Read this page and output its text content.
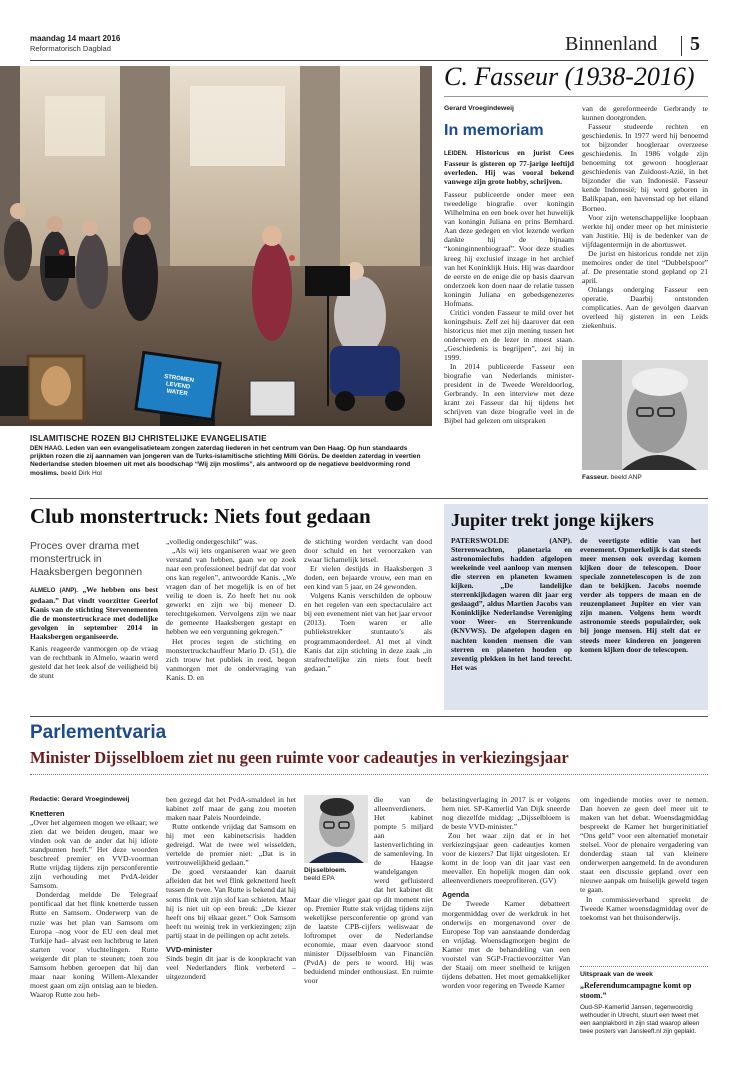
maandag 14 maart 2016
Reformatorisch Dagblad	Binnenland 5
STROMEN
LEVEND
WATER
ISLAMITISCHE ROZEN BIJ CHRISTELIJKE EVANGELISATIE
DEN HAAG. Leden van een evangelisatieteam zongen zaterdag liederen in het centrum van Den Haag. Op hun standaards prijkten rozen die zij aannamen van jongeren van de Turks-islamitische stichting Milli Görüs. De deelden zaterdag in veertien Nederlandse steden bloemen uit met als boodschap “Wij zijn moslims”, als antwoord op de negatieve beeldvorming rond moslims. beeld Dirk Hol
C. Fasseur (1938-2016)
Gerard Vroegindeweij
In memoriam

LEIDEN. Historicus en jurist Cees Fasseur is gisteren op 77-jarige leeftijd overleden. Hij was vooral bekend vanwege zijn grote hobby, schrijven.

Fasseur publiceerde onder meer een tweedelige biografie over koningin Wilhelmina en een boek over het huwelijk van koningin Juliana en prins Bernhard. Aan deze gedegen en vlot lezende werken dankte hij de bijnaam “koninginnenbiograaf”. Voor deze studies kreeg hij exclusief inzage in het archief van het Koninklijk Huis. Hij was daardoor de eerste en de enige die op basis daarvan onderzoek kon doen naar de relatie tussen koningin Juliana en gebedsgenezeres Hofmans.

Critici vonden Fasseur te mild over het koningshuis. Zelf zei hij daarover dat een historicus niet met zijn mening tussen het onderwerp en de lezer in moest staan. „Geschiedenis is begrijpen”, zei hij in 1999.

In 2014 publiceerde Fasseur een biografie van Nederlands minister-president in de Tweede Wereldoorlog, Gerbrandy. In een interview met deze krant zei Fasseur dat hij tijdens het schrijven van deze biografie veel in de Bijbel had gelezen om uitspraken

van de gereformeerde Gerbrandy te kunnen doorgronden.

Fasseur studeerde rechten en geschiedenis. In 1977 werd hij benoemd tot bijzonder hoogleraar overzeese geschiedenis. In 1986 volgde zijn benoeming tot gewoon hoogleraar geschiedenis van Zuidoost-Azië, in het bijzonder die van Indonesië. Fasseur kende Indonesië; hij werd geboren in Balikpapan, een havenstad op het eiland Borneo.

Voor zijn wetenschappelijke loopbaan werkte hij onder meer op het ministerie van Justitie. Hij is de bedenker van de vijfdagentermijn in de abortuswet.

De jurist en historicus rondde net zijn memoires onder de titel “Dubbelspoor” af. De presentatie stond gepland op 21 april.

Onlangs onderging Fasseur een operatie. Daarbij ontstonden complicaties. Aan de gevolgen daarvan overleed hij gisteren in een Leids ziekenhuis.

Fasseur. beeld ANP
Club monstertruck: Niets fout gedaan
Proces over drama met monstertruck in Haaksbergen begonnen

ALMELO (ANP). „We hebben ons best gedaan.” Dat vindt voorzitter Geerlof Kanis van de stichting Stervenementen die de monstertruckrace met dodelijke gevolgen in september 2014 in Haaksbergen organiseerde.

Kanis reageerde vanmorgen op de vraag van de rechtbank in Almelo, waarin werd gesteld dat het leek alsof de veiligheid bij de stunt

„volledig ondergeschikt” was.

„Als wij iets organiseren waar we geen verstand van hebben, gaan we op zoek naar een professioneel bedrijf dat dat voor ons kan regelen”, antwoordde Kanis. „We vragen dan of het mogelijk is en of het veilig te doen is. Zo heeft het nu ook gewerkt en zijn we bij meneer D. terechtgekomen. Vervolgens zijn we naar de gemeente Haaksbergen gestapt en hebben we een vergunning gekregen.”

Het proces tegen de stichting en monstertruckchauffeur Mario D. (51), die zich trouw het publiek in reed, begon vanmorgen met de ondervraging van Kanis. D. en

de stichting worden verdacht van dood door schuld en het veroorzaken van zwaar lichamelijk letsel.

Er vielen destijds in Haaksbergen 3 doden, een bejaarde vrouw, een man en een kind van 5 jaar, en 24 gewonden.

Volgens Kanis verschilden de opbouw en het regelen van een spectaculaire act bij een evenement niet van het jaar ervoor (2013). Toen waren er alle publiekstrekker stuntauto’s als programmaonderdeel. Al met al vindt Kanis dat zijn stichting in deze zaak „in strafrechtelijke zin niets fout heeft gedaan.”

Jupiter trekt jonge kijkers

PATERSWOLDE (ANP). Sterrenwachten, planetaria en astronomieclubs hadden afgelopen weekeinde veel aanloop van mensen die sterren en planeten kwamen kijken. „De landelijke sterrenkijkdagen waren dit jaar erg geslaagd”, aldus Martien Jacobs van Koninklijke Nederlandse Vereniging voor Weer- en Sterrenkunde (KNVWS). De afgelopen dagen en nachten konden mensen die van sterren en planeten houden op zeventig plekken in het land terecht. Het was

de veertigste editie van het evenement. Opmerkelijk is dat steeds meer mensen ook overdag komen kijken door de telescopen. Door speciale zonnetelescopen is de zon dan te bekijken. Jacobs noemde verder als toppers de maan en de reuzenplaneet Jupiter en vier van zijn manen. Volgens hem wordt astronomie steeds populairder, ook bij jonge mensen. Hij stelt dat er steeds meer kinderen en jongeren komen kijken door de telescopen.

Parlementvaria
Minister Dijsselbloem ziet nu geen ruimte voor cadeautjes in verkiezingsjaar

Redactie: Gerard Vroegindeweij

Knetteren

„Over het algemeen mogen we elkaar; we zien dat we beiden deugen, maar we vinden ook van de ander dat hij idiote standpunten heeft.” Het deze woorden beschreef premier en VVD-voorman Rutte vrijdag tijdens zijn persconferentie zijn verhouding met PvdA-leider Samsom.

Donderdag meldde De Telegraaf pontificaal dat het flink knetterde tussen Rutte en Samsom. Onderwerp van de ruzie was het plan van Samsom om Europa –nog voor de EU een deal met Turkije had– alvast een luchtbrug te laten starten voor vluchtelingen. Rutte weigerde dit plan te steunen; toen zou Samsom hebben geroepen dat hij dan maar naar koning Willem-Alexander moest gaan om zijn ontslag aan te bieden. Waarop Rutte zou heb-

ben gezegd dat het PvdA-smaldeel in het kabinet zelf maar de gang zou moeten maken naar Paleis Noordeinde.

Rutte ontkende vrijdag dat Samsom en hij met een kabinetscrisis hadden gedreigd. Wat de twee wel wisselden, vertelde de premier niet: „Dat is in vertrouwelijkheid gedaan.”

De goed verstaander kan daaruit afleiden dat het wel flink geknetterd heeft tussen de twee. Van Rutte is bekend dat hij soms flink uit zijn slof kan schieten. Maar hij is niet uit op een breuk: „De kiezer heeft ons bij elkaar gezet.” Ook Samsom heeft nu weinig trek in verkiezingen; zijn partij staat in de peilingen op acht zetels.

VVD-minister

Sinds begin dit jaar is de koopkracht van veel Nederlanders flink verbeterd – uitgezonderd

Dijsselbloem.
beeld EPA

die van de alleenverdieners. Het kabinet pompte 5 miljard aan lastenverlichting in de samenleving. In de Haagse wandelgangen werd gefluisterd dat het kabinet dit

Maar die vlieger gaat op dit moment niet op. Premier Rutte stak vrijdag tijdens zijn wekelijkse persconferentie op grond van de laatste CPB-cijfers weliswaar de loftrompet over de Nederlandse economie, maar even daarvoor stond minister Dijsselbloem van Financiën (PvdA) de pers te woord. Hij was beduidend minder enthousiast. En ruimte voor

belastingverlaging in 2017 is er volgens hem niet. SP-Kamerlid Van Dijk sneerde nog diezelfde middag: „Dijsselbloem is de beste VVD-minister.”

Zou het waar zijn dat er in het verkiezingsjaar geen cadeautjes komen voor de kiezers? Dat lijkt uitgesloten. Er komt in de loop van dit jaar vast een meevaller. En hopelijk mogen dan ook alleenverdieners meeprofiteren. (GV)

Agenda

De Tweede Kamer debatteert morgenmiddag over de werkdruk in het onderwijs en morgenavond over de Europese Top van aanstaande donderdag en vrijdag. Woensdagmorgen begint de Kamer met de behandeling van een voorstel van SGP-Fractievoorzitter Van der Staaij om meer snelheid te krijgen tijdens debatten. Het moet gemakkelijker worden voor regering en Tweede Kamer

om ingediende moties over te nemen. Dan hoeven ze geen deel meer uit te maken van het debat. Woensdagmiddag bespreekt de Kamer het burgerinitiatief “Ons geld” voor een alternatief monetair stelsel. Voor de plenaire vergadering van donderdag staan tal van kleinere onderwerpen aangemeld. In de avonduren staat een discussie gepland over een nieuwe aanpak om huiselijk geweld tegen te gaan.

In commissieverband spreekt de Tweede Kamer woensdagmiddag over de toekomst van het thuisonderwijs.

Uitspraak van de week
„Referendumcampagne komt op stoom.”
Oud-SP-Kamerlid Jansen, tegenwoordig wethouder in Utrecht, stuurt een tweet met een aanplakbord in zijn stad waarop alleen twee posters van Jansleeft.nl zijn geplakt.
